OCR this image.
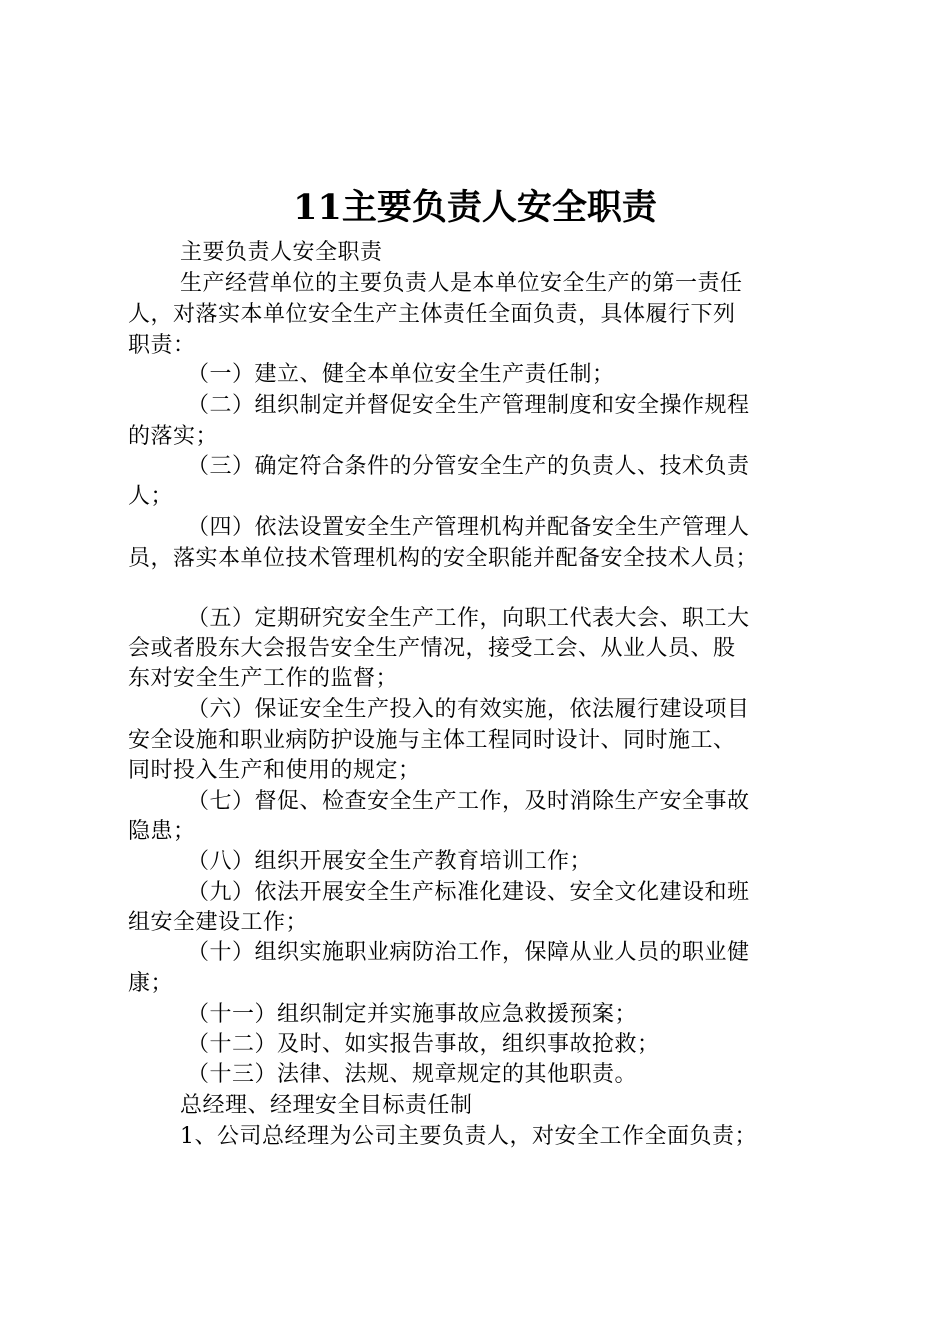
11主要负责人安全职责
主要负责人安全职责
生产经营单位的主要负责人是本单位安全生产的第一责任
人，对落实本单位安全生产主体责任全面负责，具体履行下列
职责：
（一）建立、健全本单位安全生产责任制；
（二）组织制定并督促安全生产管理制度和安全操作规程
的落实；
（三）确定符合条件的分管安全生产的负责人、技术负责
人；
（四）依法设置安全生产管理机构并配备安全生产管理人
员，落实本单位技术管理机构的安全职能并配备安全技术人员；
（五）定期研究安全生产工作，向职工代表大会、职工大
会或者股东大会报告安全生产情况，接受工会、从业人员、股
东对安全生产工作的监督；
（六）保证安全生产投入的有效实施，依法履行建设项目
安全设施和职业病防护设施与主体工程同时设计、同时施工、
同时投入生产和使用的规定；
（七）督促、检查安全生产工作，及时消除生产安全事故
隐患；
（八）组织开展安全生产教育培训工作；
（九）依法开展安全生产标准化建设、安全文化建设和班
组安全建设工作；
（十）组织实施职业病防治工作，保障从业人员的职业健
康；
（十一）组织制定并实施事故应急救援预案；
（十二）及时、如实报告事故，组织事故抢救；
（十三）法律、法规、规章规定的其他职责。
总经理、经理安全目标责任制
1、公司总经理为公司主要负责人，对安全工作全面负责；
